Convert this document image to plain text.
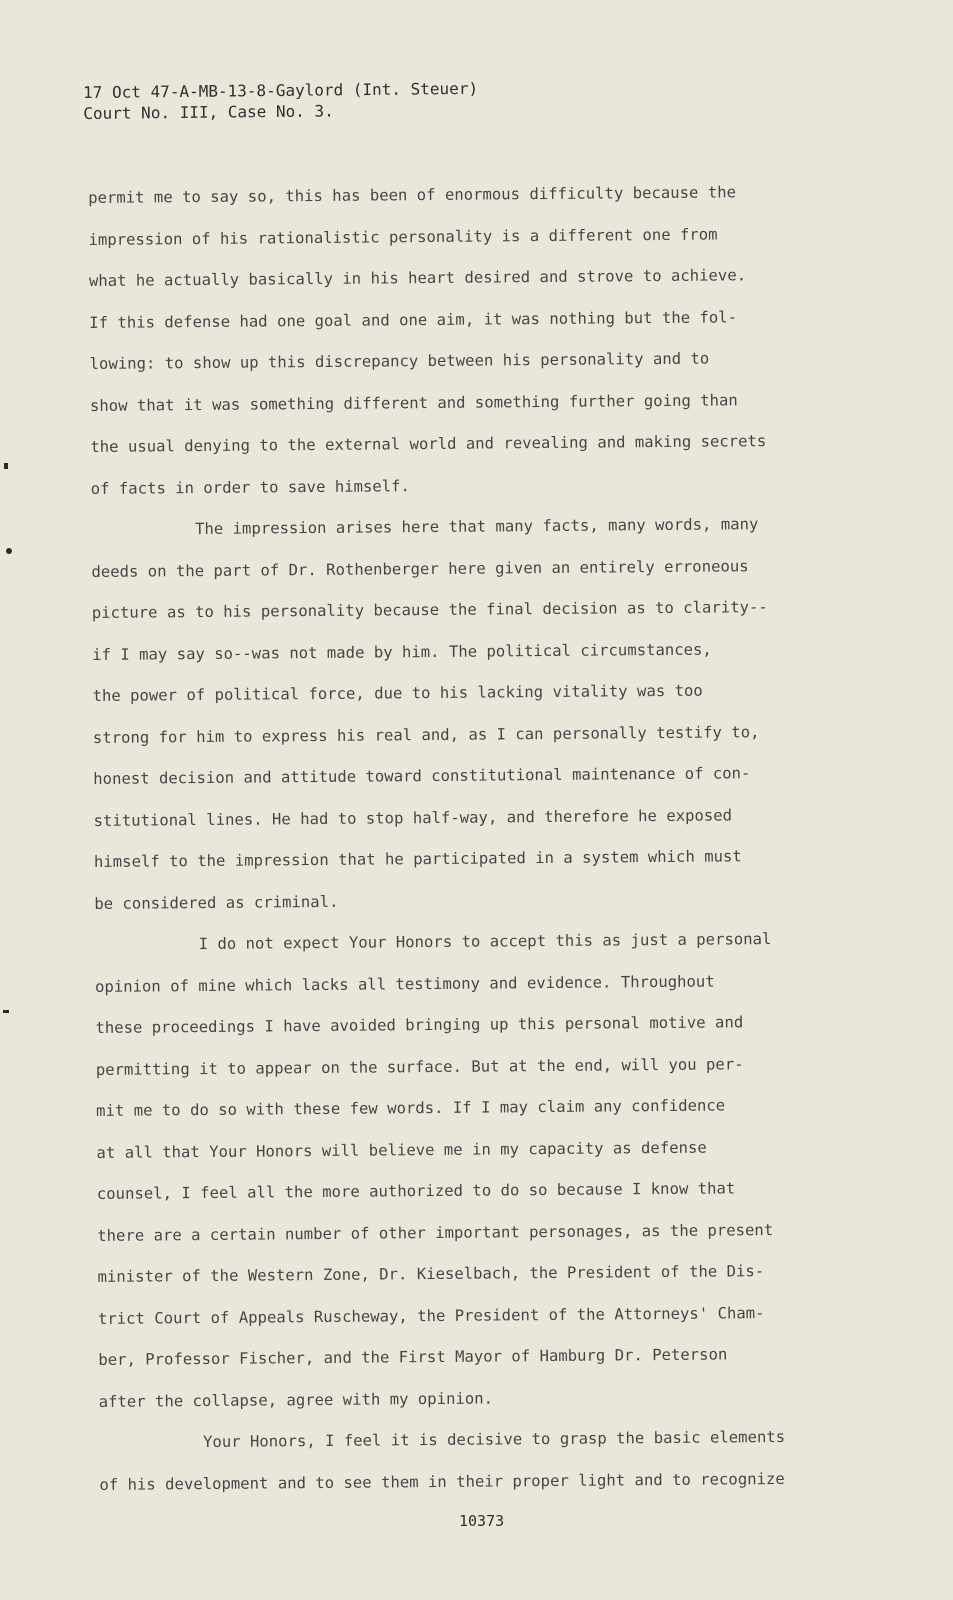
17 Oct 47-A-MB-13-8-Gaylord (Int. Steuer)
Court No. III, Case No. 3.
permit me to say so, this has been of enormous difficulty because the
impression of his rationalistic personality is a different one from
what he actually basically in his heart desired and strove to achieve.
If this defense had one goal and one aim, it was nothing but the fol-
lowing: to show up this discrepancy between his personality and to
show that it was something different and something further going than
the usual denying to the external world and revealing and making secrets
of facts in order to save himself.
The impression arises here that many facts, many words, many
deeds on the part of Dr. Rothenberger here given an entirely erroneous
picture as to his personality because the final decision as to clarity--
if I may say so--was not made by him. The political circumstances,
the power of political force, due to his lacking vitality was too
strong for him to express his real and, as I can personally testify to,
honest decision and attitude toward constitutional maintenance of con-
stitutional lines. He had to stop half-way, and therefore he exposed
himself to the impression that he participated in a system which must
be considered as criminal.
I do not expect Your Honors to accept this as just a personal
opinion of mine which lacks all testimony and evidence. Throughout
these proceedings I have avoided bringing up this personal motive and
permitting it to appear on the surface. But at the end, will you per-
mit me to do so with these few words. If I may claim any confidence
at all that Your Honors will believe me in my capacity as defense
counsel, I feel all the more authorized to do so because I know that
there are a certain number of other important personages, as the present
minister of the Western Zone, Dr. Kieselbach, the President of the Dis-
trict Court of Appeals Ruscheway, the President of the Attorneys' Cham-
ber, Professor Fischer, and the First Mayor of Hamburg Dr. Peterson
after the collapse, agree with my opinion.
Your Honors, I feel it is decisive to grasp the basic elements
of his development and to see them in their proper light and to recognize
10373
